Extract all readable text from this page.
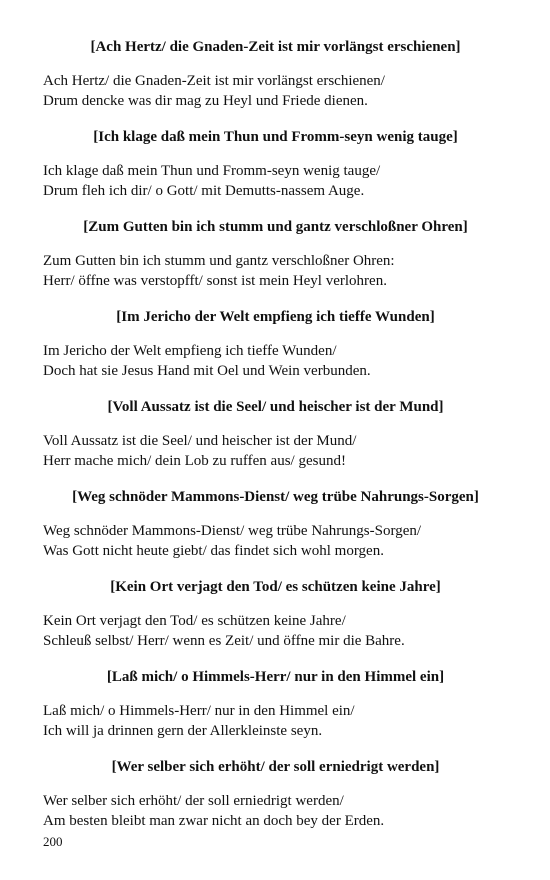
[Ach Hertz/ die Gnaden-Zeit ist mir vorlängst erschienen]
Ach Hertz/ die Gnaden-Zeit ist mir vorlängst erschienen/
Drum dencke was dir mag zu Heyl und Friede dienen.
[Ich klage daß mein Thun und Fromm-seyn wenig tauge]
Ich klage daß mein Thun und Fromm-seyn wenig tauge/
Drum fleh ich dir/ o Gott/ mit Demutts-nassem Auge.
[Zum Gutten bin ich stumm und gantz verschloßner Ohren]
Zum Gutten bin ich stumm und gantz verschloßner Ohren:
Herr/ öffne was verstopfft/ sonst ist mein Heyl verlohren.
[Im Jericho der Welt empfieng ich tieffe Wunden]
Im Jericho der Welt empfieng ich tieffe Wunden/
Doch hat sie Jesus Hand mit Oel und Wein verbunden.
[Voll Aussatz ist die Seel/ und heischer ist der Mund]
Voll Aussatz ist die Seel/ und heischer ist der Mund/
Herr mache mich/ dein Lob zu ruffen aus/ gesund!
[Weg schnöder Mammons-Dienst/ weg trübe Nahrungs-Sorgen]
Weg schnöder Mammons-Dienst/ weg trübe Nahrungs-Sorgen/
Was Gott nicht heute giebt/ das findet sich wohl morgen.
[Kein Ort verjagt den Tod/ es schützen keine Jahre]
Kein Ort verjagt den Tod/ es schützen keine Jahre/
Schleuß selbst/ Herr/ wenn es Zeit/ und öffne mir die Bahre.
[Laß mich/ o Himmels-Herr/ nur in den Himmel ein]
Laß mich/ o Himmels-Herr/ nur in den Himmel ein/
Ich will ja drinnen gern der Allerkleinste seyn.
[Wer selber sich erhöht/ der soll erniedrigt werden]
Wer selber sich erhöht/ der soll erniedrigt werden/
Am besten bleibt man zwar nicht an doch bey der Erden.
200
